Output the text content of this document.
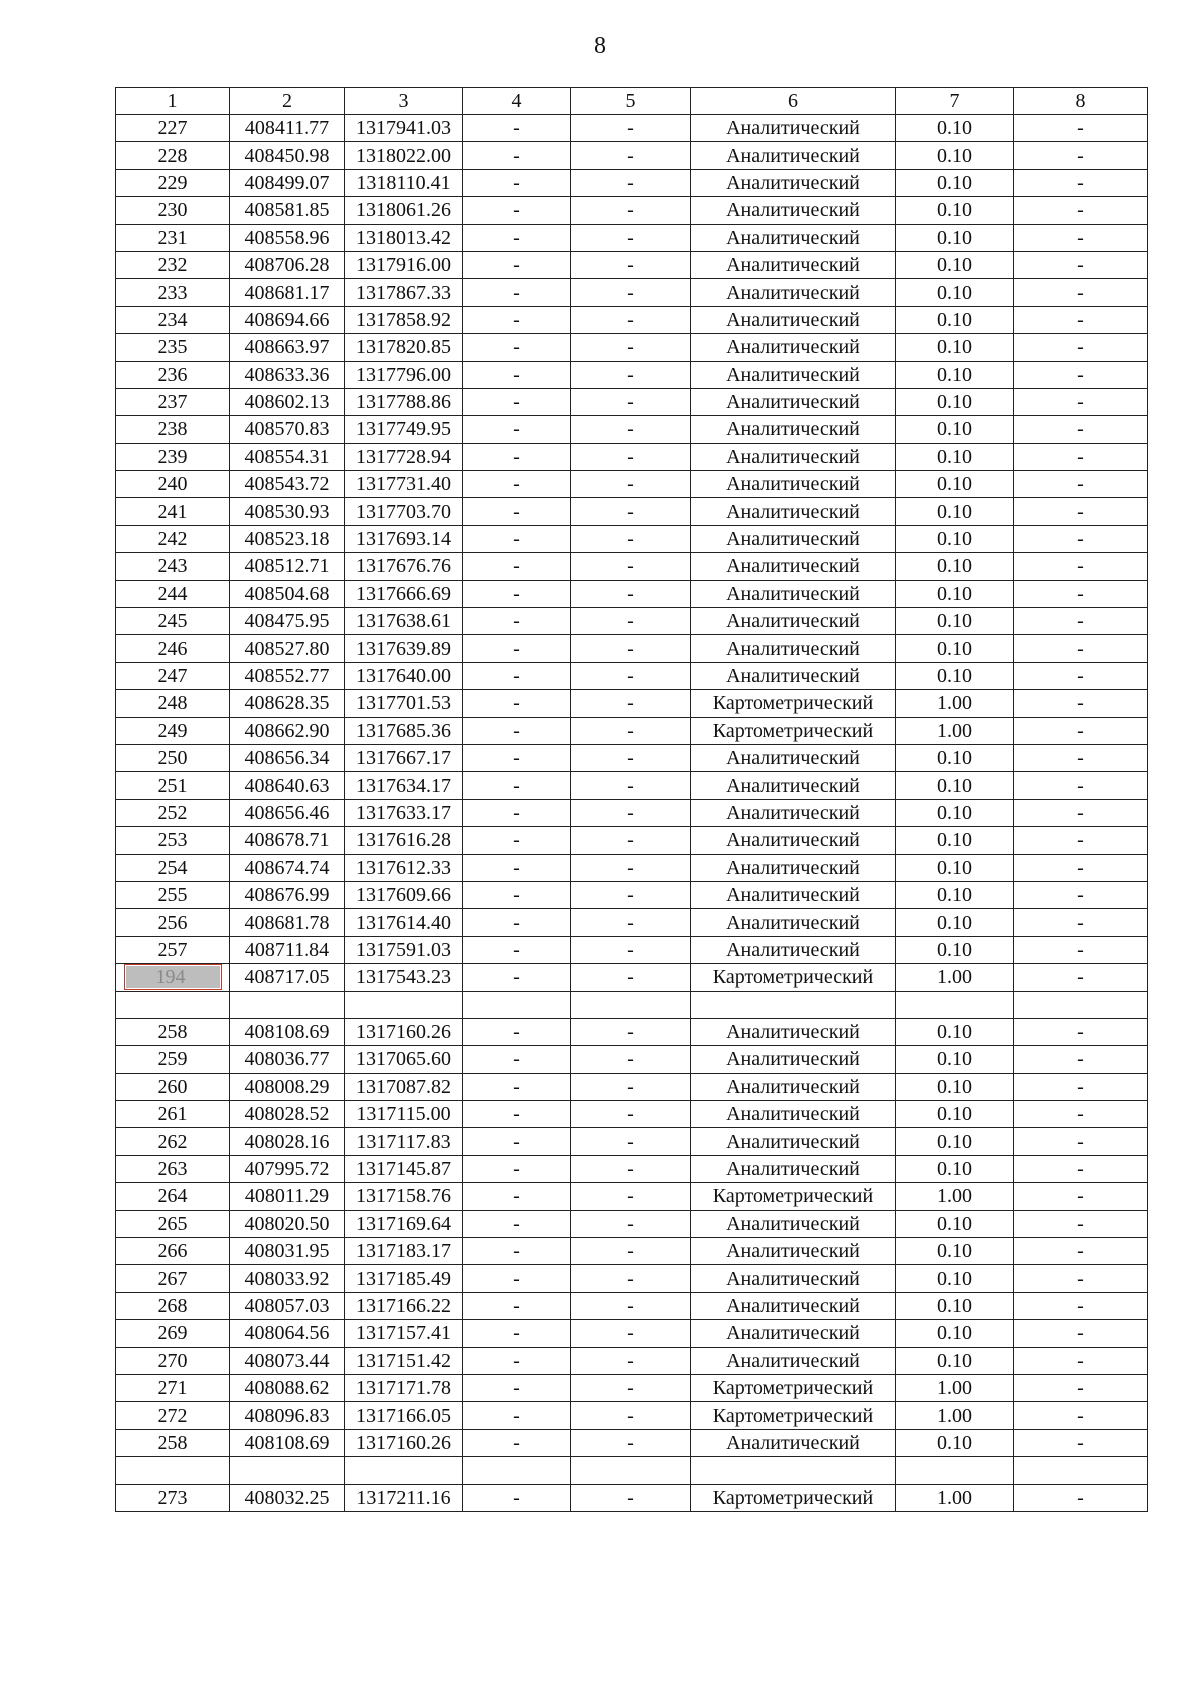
8
1	2	3	4	5	6	7	8
227	408411.77	1317941.03	-	-	Аналитический	0.10	-
228	408450.98	1318022.00	-	-	Аналитический	0.10	-
229	408499.07	1318110.41	-	-	Аналитический	0.10	-
230	408581.85	1318061.26	-	-	Аналитический	0.10	-
231	408558.96	1318013.42	-	-	Аналитический	0.10	-
232	408706.28	1317916.00	-	-	Аналитический	0.10	-
233	408681.17	1317867.33	-	-	Аналитический	0.10	-
234	408694.66	1317858.92	-	-	Аналитический	0.10	-
235	408663.97	1317820.85	-	-	Аналитический	0.10	-
236	408633.36	1317796.00	-	-	Аналитический	0.10	-
237	408602.13	1317788.86	-	-	Аналитический	0.10	-
238	408570.83	1317749.95	-	-	Аналитический	0.10	-
239	408554.31	1317728.94	-	-	Аналитический	0.10	-
240	408543.72	1317731.40	-	-	Аналитический	0.10	-
241	408530.93	1317703.70	-	-	Аналитический	0.10	-
242	408523.18	1317693.14	-	-	Аналитический	0.10	-
243	408512.71	1317676.76	-	-	Аналитический	0.10	-
244	408504.68	1317666.69	-	-	Аналитический	0.10	-
245	408475.95	1317638.61	-	-	Аналитический	0.10	-
246	408527.80	1317639.89	-	-	Аналитический	0.10	-
247	408552.77	1317640.00	-	-	Аналитический	0.10	-
248	408628.35	1317701.53	-	-	Картометрический	1.00	-
249	408662.90	1317685.36	-	-	Картометрический	1.00	-
250	408656.34	1317667.17	-	-	Аналитический	0.10	-
251	408640.63	1317634.17	-	-	Аналитический	0.10	-
252	408656.46	1317633.17	-	-	Аналитический	0.10	-
253	408678.71	1317616.28	-	-	Аналитический	0.10	-
254	408674.74	1317612.33	-	-	Аналитический	0.10	-
255	408676.99	1317609.66	-	-	Аналитический	0.10	-
256	408681.78	1317614.40	-	-	Аналитический	0.10	-
257	408711.84	1317591.03	-	-	Аналитический	0.10	-
194	408717.05	1317543.23	-	-	Картометрический	1.00	-

258	408108.69	1317160.26	-	-	Аналитический	0.10	-
259	408036.77	1317065.60	-	-	Аналитический	0.10	-
260	408008.29	1317087.82	-	-	Аналитический	0.10	-
261	408028.52	1317115.00	-	-	Аналитический	0.10	-
262	408028.16	1317117.83	-	-	Аналитический	0.10	-
263	407995.72	1317145.87	-	-	Аналитический	0.10	-
264	408011.29	1317158.76	-	-	Картометрический	1.00	-
265	408020.50	1317169.64	-	-	Аналитический	0.10	-
266	408031.95	1317183.17	-	-	Аналитический	0.10	-
267	408033.92	1317185.49	-	-	Аналитический	0.10	-
268	408057.03	1317166.22	-	-	Аналитический	0.10	-
269	408064.56	1317157.41	-	-	Аналитический	0.10	-
270	408073.44	1317151.42	-	-	Аналитический	0.10	-
271	408088.62	1317171.78	-	-	Картометрический	1.00	-
272	408096.83	1317166.05	-	-	Картометрический	1.00	-
258	408108.69	1317160.26	-	-	Аналитический	0.10	-

273	408032.25	1317211.16	-	-	Картометрический	1.00	-
